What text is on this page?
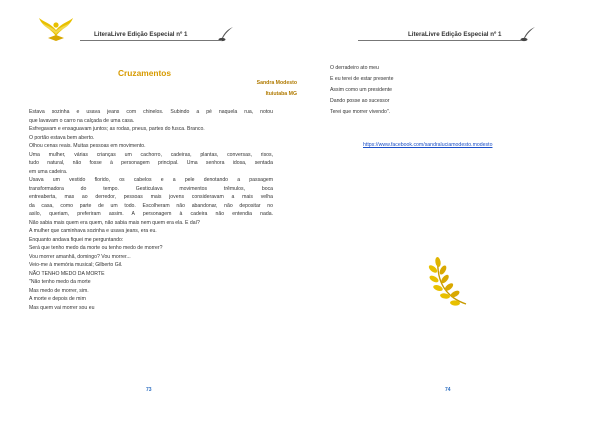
LiteraLivre Edição Especial nº 1
Cruzamentos
Sandra Modesto
Ituiutaba MG

Estava sozinha e usava jeans com chinelos. Subindo a pé naquela rua, notou

que lavavam o carro na calçada de uma casa.

Esfregavam e enxaguavam juntos; as rodas, pneus, partes do fusca. Branco.

O portão estava bem aberto.

Olhou cenas reais. Muitas pessoas em movimento.

Uma mulher, várias crianças um cachorro, cadeiras, plantas, conversas, risos,

tudo natural, não fosse à personagem principal. Uma senhora idosa, sentada

em uma cadeira.

Usava um vestido florido, os cabelos e a pele denotando a passagem

transformadora do tempo. Gesticulava movimentos trêmulos, boca

entreaberta, mas ao derredor, pessoas mais jovens consideravam a mais velha

da casa, como parte de um todo. Escolheram não abandonar, não depositar no

asilo, queriam, preferiram assim. A personagem à cadeira não entendia nada.

Não sabia mais quem era quem, não sabia mais nem quem era ela. E daí?

A mulher que caminhava sozinha e usava jeans, era eu.

Enquanto andava fiquei me perguntando:

Será que tenho medo da morte ou tenho medo de morrer?

Vou morrer amanhã, domingo? Vou morrer...

Veio-me à memória musical; Gilberto Gil.

NÃO TENHO MEDO DA MORTE

"Não tenho medo da morte

Mas medo de morrer, sim.

A morte e depois de mim

Mas quem vai morrer sou eu

73
LiteraLivre Edição Especial nº 1

O derradeiro ato meu

E eu terei de estar presente

Assim como um presidente

Dando posse ao sucessor

Terei que morrer vivendo".

https://www.facebook.com/sandraluciamodesto.modesto
74
